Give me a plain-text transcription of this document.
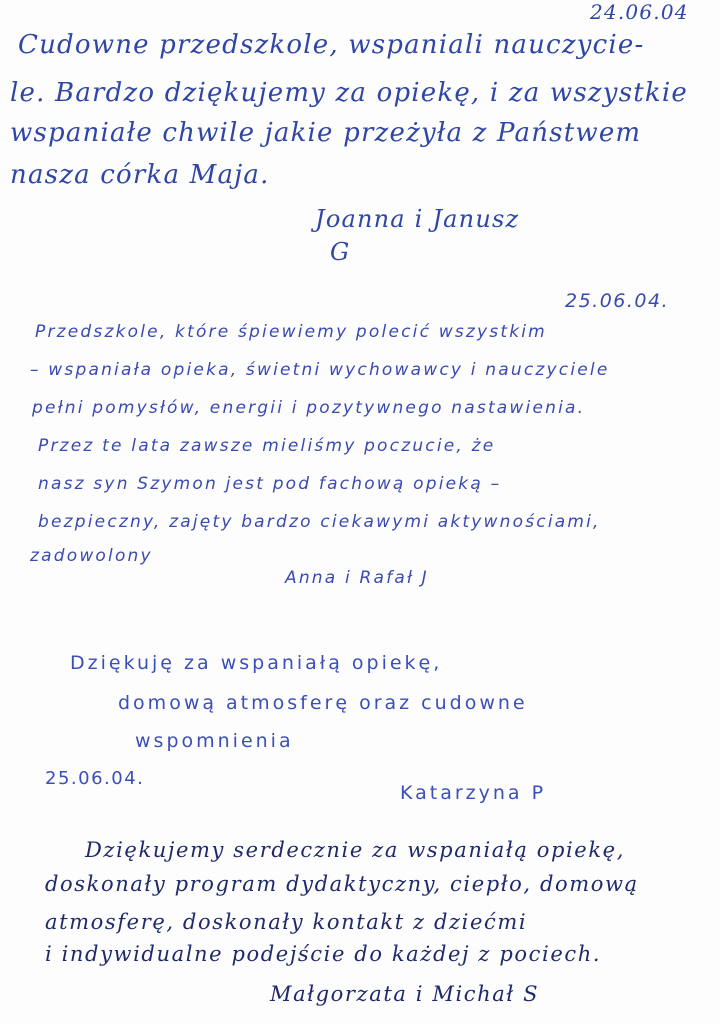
24.06.04
Cudowne przedszkole, wspaniali nauczycie-
le. Bardzo dziękujemy za opiekę, i za wszystkie
wspaniałe chwile jakie przeżyła z Państwem
nasza córka Maja.
Joanna i Janusz
G
25.06.04.
Przedszkole, które śpiewiemy polecić wszystkim
– wspaniała opieka, świetni wychowawcy i nauczyciele
pełni pomysłów, energii i pozytywnego nastawienia.
Przez te lata zawsze mieliśmy poczucie, że
nasz syn Szymon jest pod fachową opieką –
bezpieczny, zajęty bardzo ciekawymi aktywnościami,
zadowolony
Anna i Rafał J
Dziękuję za wspaniałą opiekę,
domową atmosferę oraz cudowne
wspomnienia
25.06.04.
Katarzyna P
Dziękujemy serdecznie za wspaniałą opiekę,
doskonały program dydaktyczny, ciepło, domową
atmosferę, doskonały kontakt z dziećmi
i indywidualne podejście do każdej z pociech.
Małgorzata i Michał S
